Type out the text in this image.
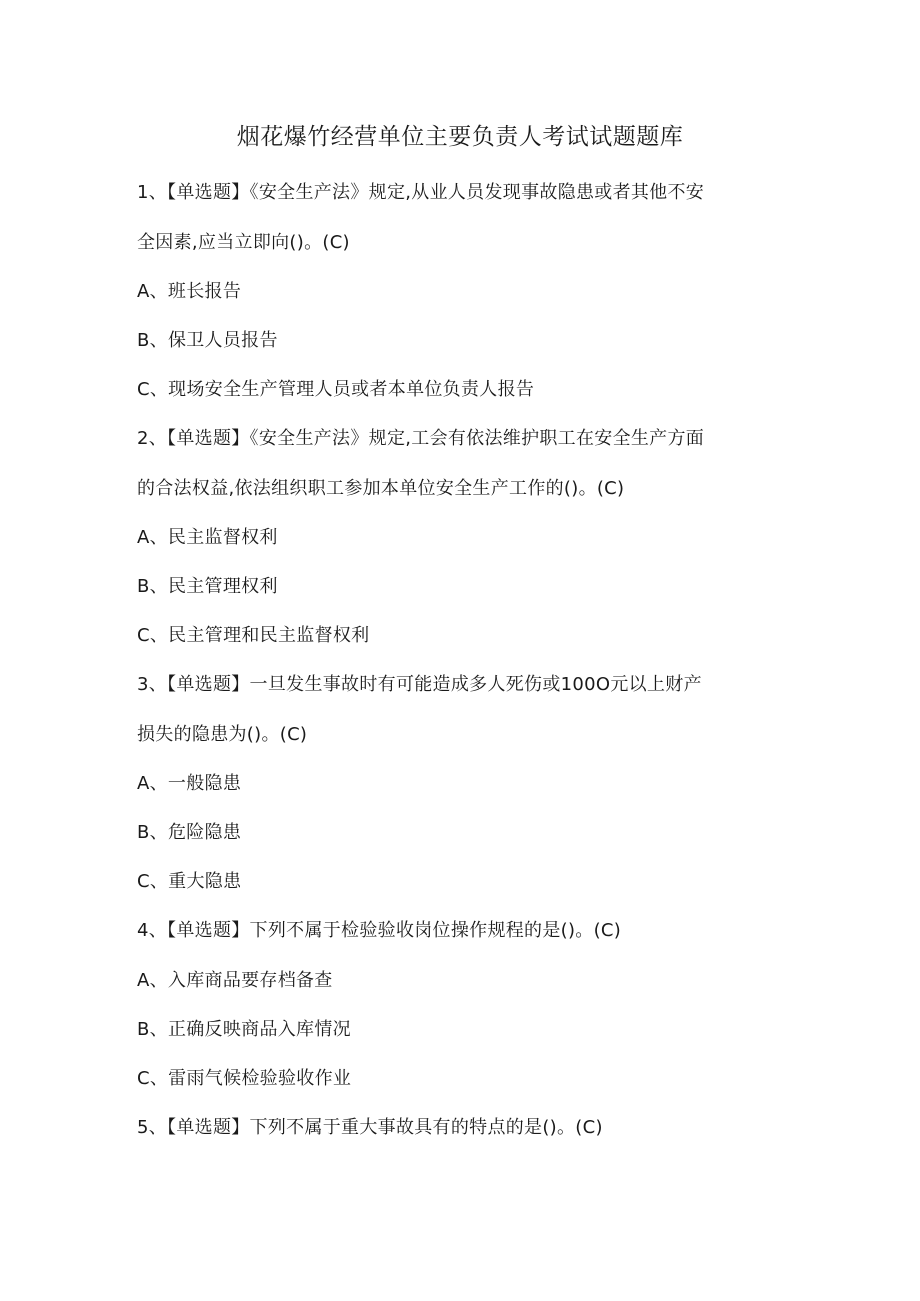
烟花爆竹经营单位主要负责人考试试题题库
1、【单选题】《安全生产法》规定,从业人员发现事故隐患或者其他不安
全因素,应当立即向()。(C)
A、班长报告
B、保卫人员报告
C、现场安全生产管理人员或者本单位负责人报告
2、【单选题】《安全生产法》规定,工会有依法维护职工在安全生产方面
的合法权益,依法组织职工参加本单位安全生产工作的()。(C)
A、民主监督权利
B、民主管理权利
C、民主管理和民主监督权利
3、【单选题】一旦发生事故时有可能造成多人死伤或100O元以上财产
损失的隐患为()。(C)
A、一般隐患
B、危险隐患
C、重大隐患
4、【单选题】下列不属于检验验收岗位操作规程的是()。(C)
A、入库商品要存档备查
B、正确反映商品入库情况
C、雷雨气候检验验收作业
5、【单选题】下列不属于重大事故具有的特点的是()。(C)
